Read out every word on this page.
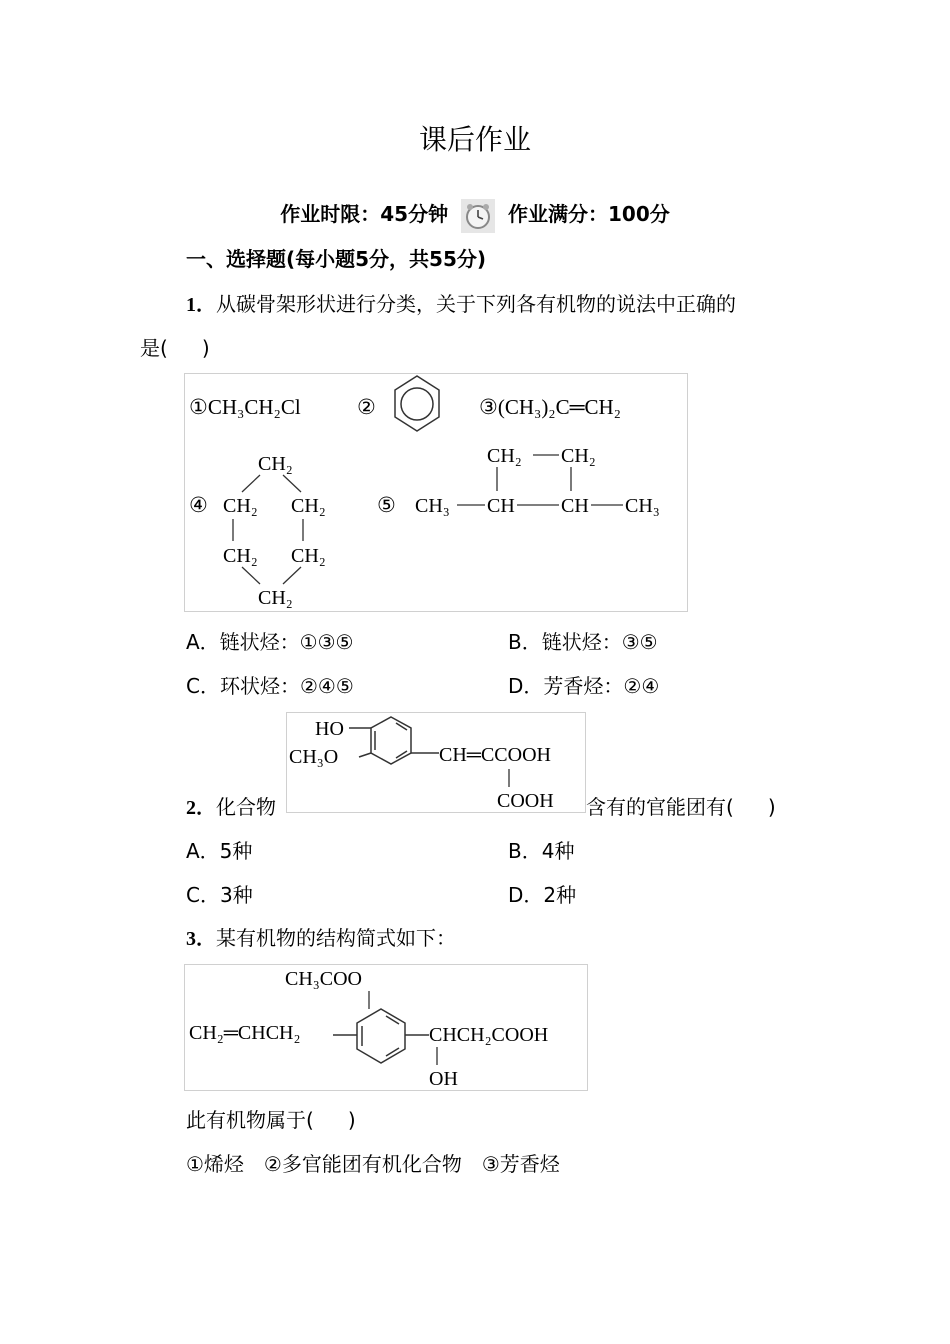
课后作业
作业时限：45分钟	作业满分：100分
一、选择题(每小题5分，共55分)
1．从碳骨架形状进行分类，关于下列各有机物的说法中正确的
是( )
①CH₃CH₂Cl	②	③(CH₃)₂C═CH₂
④
CH₂
CH₂ CH₂
CH₂ CH₂
CH₂
⑤
CH₂ CH₂
CH₃ CH CH CH₃
A．链状烃：①③⑤	B．链状烃：③⑤
C．环状烃：②④⑤	D．芳香烃：②④
2．化合物
HO
CH₃O	CH═CCOOH
COOH 含有的官能团有( )
A．5种	B．4种
C．3种	D．2种
3．某有机物的结构简式如下：
CH₃COO
CH₂═CHCH₂	CHCH₂COOH
OH
此有机物属于( )
①烯烃　②多官能团有机化合物　③芳香烃
